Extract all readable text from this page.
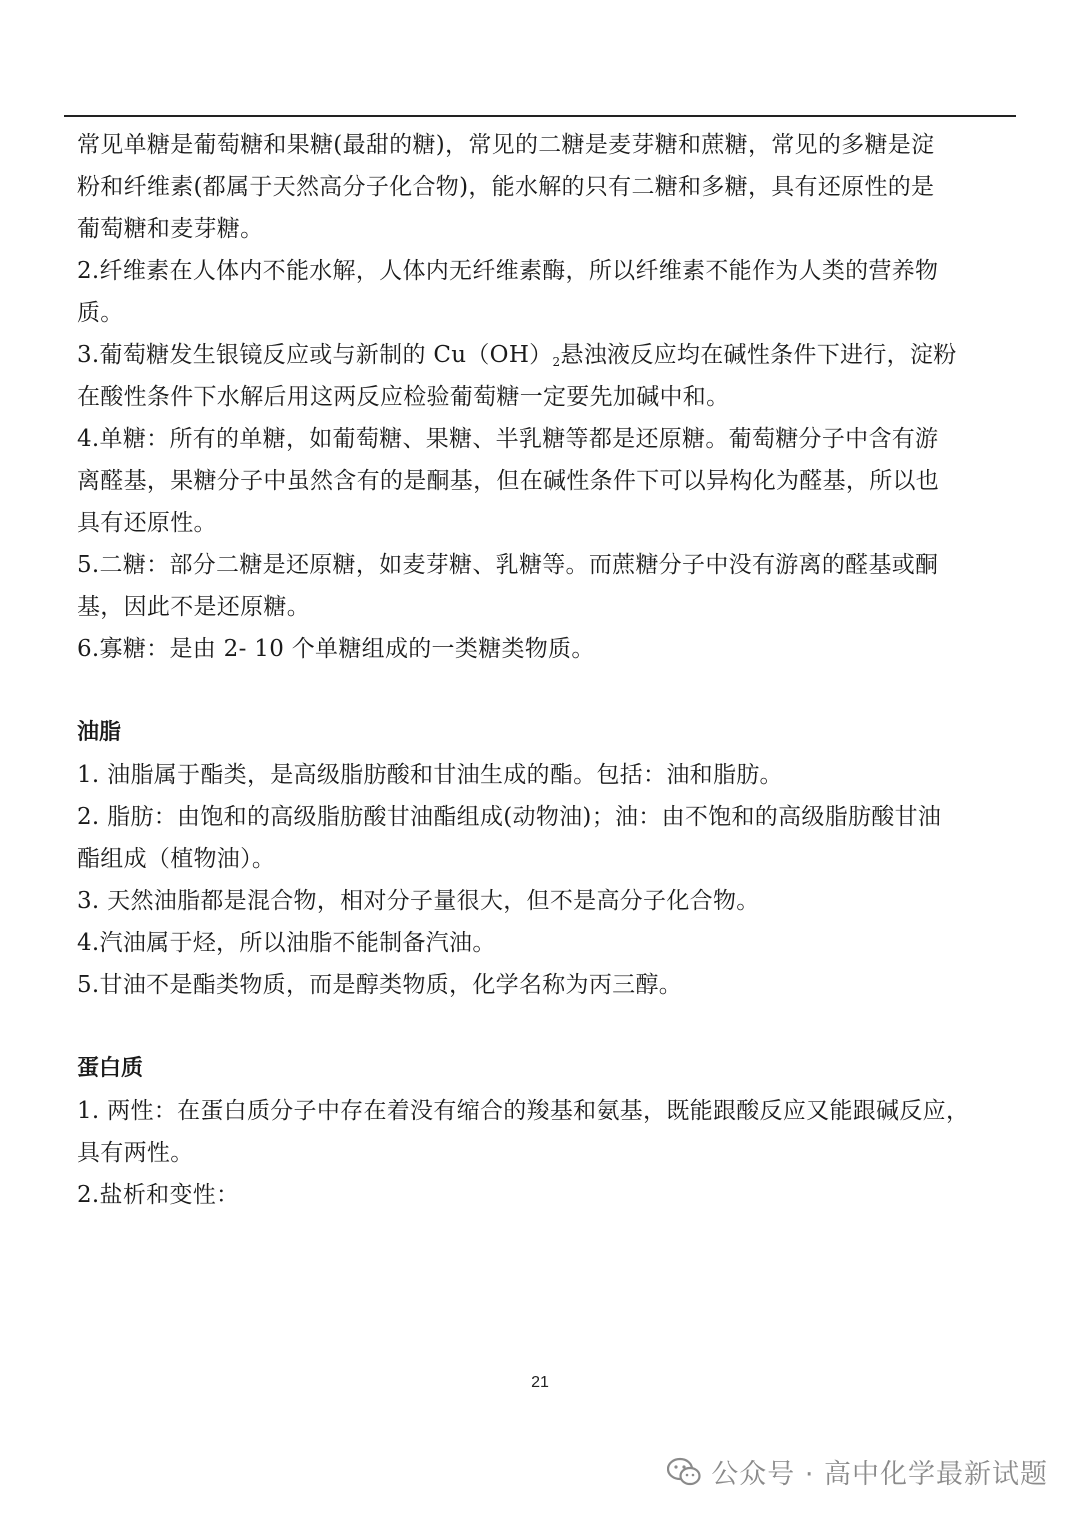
常见单糖是葡萄糖和果糖(最甜的糖)，常见的二糖是麦芽糖和蔗糖，常见的多糖是淀
粉和纤维素(都属于天然高分子化合物)，能水解的只有二糖和多糖，具有还原性的是
葡萄糖和麦芽糖。
2.纤维素在人体内不能水解，人体内无纤维素酶，所以纤维素不能作为人类的营养物
质。
3.葡萄糖发生银镜反应或与新制的 $Cu(OH)_2$悬浊液反应均在碱性条件下进行，淀粉
在酸性条件下水解后用这两反应检验葡萄糖一定要先加碱中和。
4.单糖：所有的单糖，如葡萄糖、果糖、半乳糖等都是还原糖。葡萄糖分子中含有游
离醛基，果糖分子中虽然含有的是酮基，但在碱性条件下可以异构化为醛基，所以也
具有还原性。
5.二糖：部分二糖是还原糖，如麦芽糖、乳糖等。而蔗糖分子中没有游离的醛基或酮
基，因此不是还原糖。
6.寡糖：是由 2- 10 个单糖组成的一类糖类物质。
油脂
1. 油脂属于酯类，是高级脂肪酸和甘油生成的酯。包括：油和脂肪。
2. 脂肪：由饱和的高级脂肪酸甘油酯组成(动物油)；油：由不饱和的高级脂肪酸甘油
酯组成（植物油）。
3. 天然油脂都是混合物，相对分子量很大，但不是高分子化合物。
4.汽油属于烃，所以油脂不能制备汽油。
5.甘油不是酯类物质，而是醇类物质，化学名称为丙三醇。
蛋白质
1. 两性：在蛋白质分子中存在着没有缩合的羧基和氨基，既能跟酸反应又能跟碱反应，
具有两性。
2.盐析和变性：
21
公众号 · 高中化学最新试题
